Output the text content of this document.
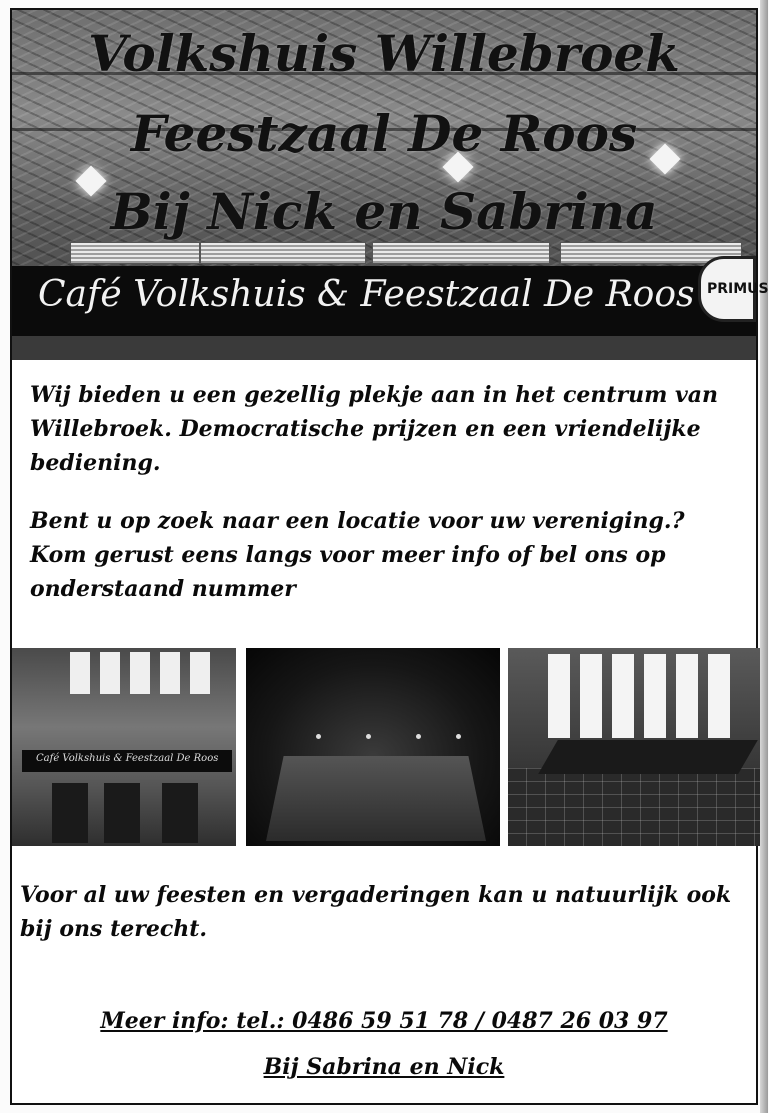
Volkshuis Willebroek
Feestzaal De Roos
Bij Nick en Sabrina
Café Volkshuis & Feestzaal De Roos PRIMUS
Wij bieden u een gezellig plekje aan in het centrum van Willebroek. Democratische prijzen en een vriendelijke bediening.
Bent u op zoek naar een locatie voor uw vereniging.? Kom gerust eens langs voor meer info of bel ons op onderstaand nummer
Café Volkshuis & Feestzaal De Roos
Voor al uw feesten en vergaderingen kan u natuurlijk ook bij ons terecht.
Meer info: tel.: 0486 59 51 78 / 0487 26 03 97
Bij Sabrina en Nick
